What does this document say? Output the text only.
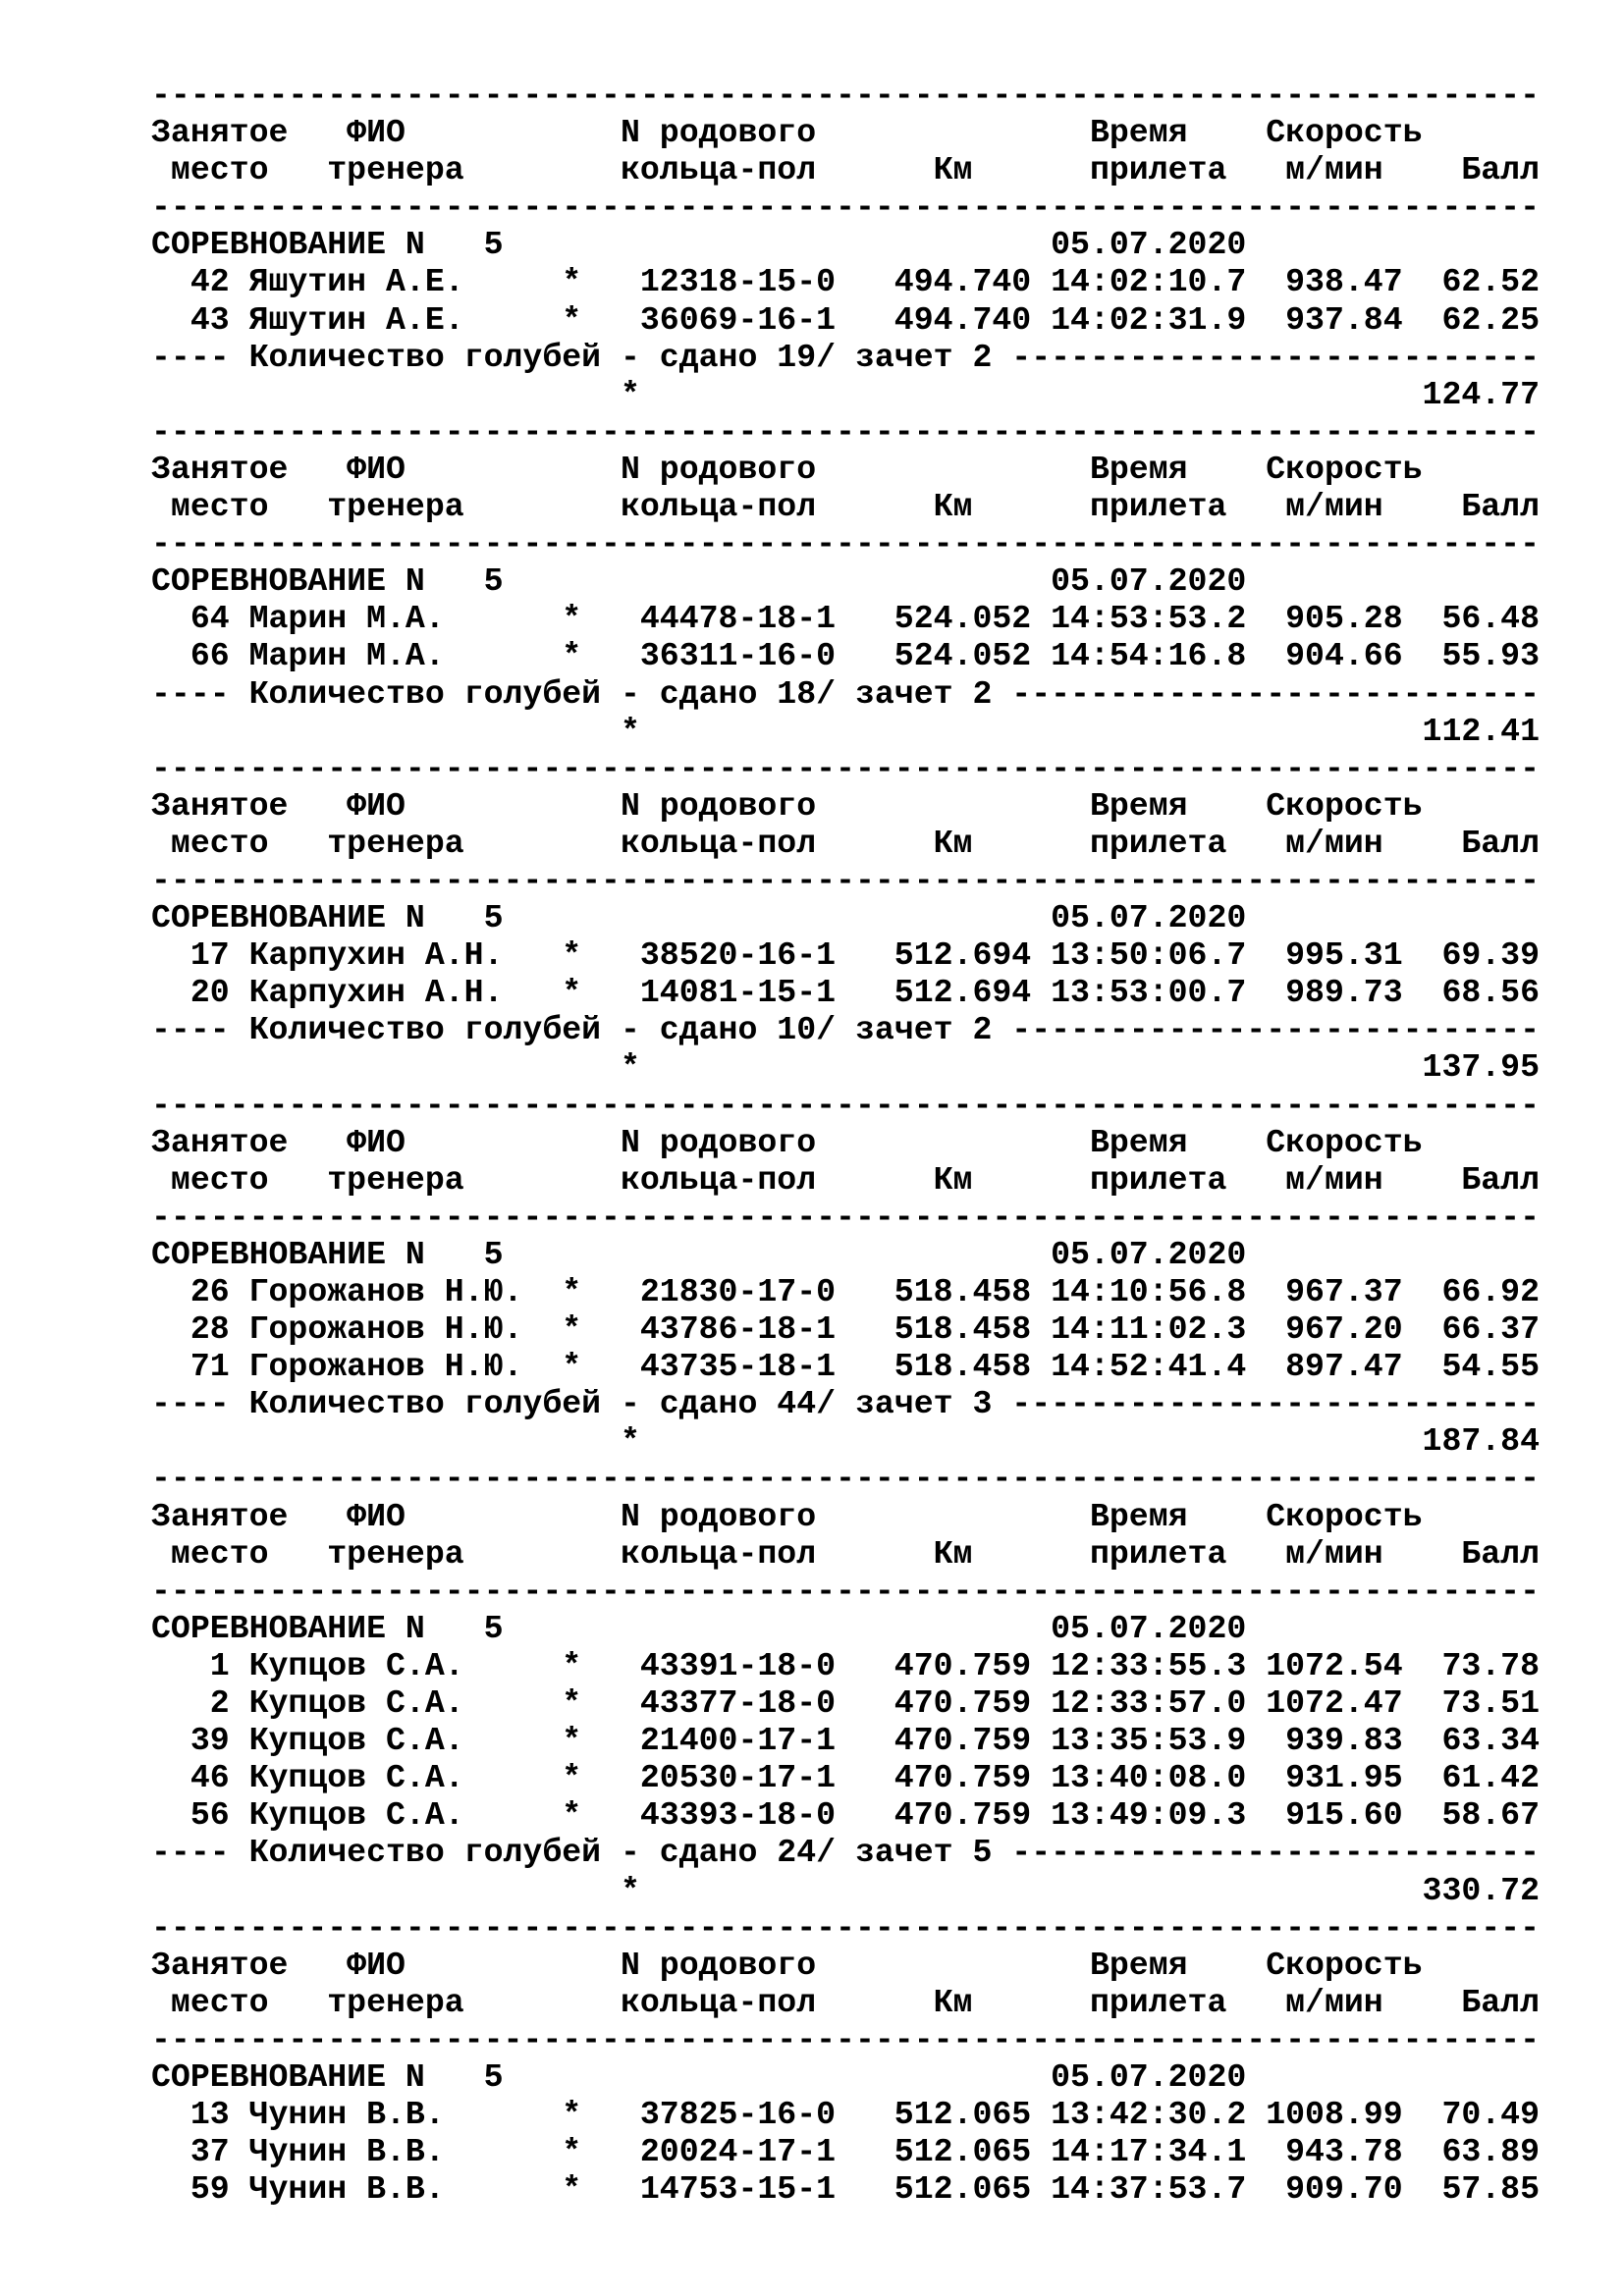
-----------------------------------------------------------------------
Занятое   ФИО           N родового              Время    Скорость
место   тренера        кольца-пол      Км      прилета   м/мин    Балл
-----------------------------------------------------------------------
СОРЕВНОВАНИЕ N   5                            05.07.2020
42 Яшутин А.Е.     *   12318-15-0   494.740 14:02:10.7  938.47  62.52
43 Яшутин А.Е.     *   36069-16-1   494.740 14:02:31.9  937.84  62.25
---- Количество голубей - сдано 19/ зачет 2 ---------------------------
*                                        124.77
-----------------------------------------------------------------------
Занятое   ФИО           N родового              Время    Скорость
место   тренера        кольца-пол      Км      прилета   м/мин    Балл
-----------------------------------------------------------------------
СОРЕВНОВАНИЕ N   5                            05.07.2020
64 Марин М.А.      *   44478-18-1   524.052 14:53:53.2  905.28  56.48
66 Марин М.А.      *   36311-16-0   524.052 14:54:16.8  904.66  55.93
---- Количество голубей - сдано 18/ зачет 2 ---------------------------
*                                        112.41
-----------------------------------------------------------------------
Занятое   ФИО           N родового              Время    Скорость
место   тренера        кольца-пол      Км      прилета   м/мин    Балл
-----------------------------------------------------------------------
СОРЕВНОВАНИЕ N   5                            05.07.2020
17 Карпухин А.Н.   *   38520-16-1   512.694 13:50:06.7  995.31  69.39
20 Карпухин А.Н.   *   14081-15-1   512.694 13:53:00.7  989.73  68.56
---- Количество голубей - сдано 10/ зачет 2 ---------------------------
*                                        137.95
-----------------------------------------------------------------------
Занятое   ФИО           N родового              Время    Скорость
место   тренера        кольца-пол      Км      прилета   м/мин    Балл
-----------------------------------------------------------------------
СОРЕВНОВАНИЕ N   5                            05.07.2020
26 Горожанов Н.Ю.  *   21830-17-0   518.458 14:10:56.8  967.37  66.92
28 Горожанов Н.Ю.  *   43786-18-1   518.458 14:11:02.3  967.20  66.37
71 Горожанов Н.Ю.  *   43735-18-1   518.458 14:52:41.4  897.47  54.55
---- Количество голубей - сдано 44/ зачет 3 ---------------------------
*                                        187.84
-----------------------------------------------------------------------
Занятое   ФИО           N родового              Время    Скорость
место   тренера        кольца-пол      Км      прилета   м/мин    Балл
-----------------------------------------------------------------------
СОРЕВНОВАНИЕ N   5                            05.07.2020
1 Купцов С.А.     *   43391-18-0   470.759 12:33:55.3 1072.54  73.78
2 Купцов С.А.     *   43377-18-0   470.759 12:33:57.0 1072.47  73.51
39 Купцов С.А.     *   21400-17-1   470.759 13:35:53.9  939.83  63.34
46 Купцов С.А.     *   20530-17-1   470.759 13:40:08.0  931.95  61.42
56 Купцов С.А.     *   43393-18-0   470.759 13:49:09.3  915.60  58.67
---- Количество голубей - сдано 24/ зачет 5 ---------------------------
*                                        330.72
-----------------------------------------------------------------------
Занятое   ФИО           N родового              Время    Скорость
место   тренера        кольца-пол      Км      прилета   м/мин    Балл
-----------------------------------------------------------------------
СОРЕВНОВАНИЕ N   5                            05.07.2020
13 Чунин В.В.      *   37825-16-0   512.065 13:42:30.2 1008.99  70.49
37 Чунин В.В.      *   20024-17-1   512.065 14:17:34.1  943.78  63.89
59 Чунин В.В.      *   14753-15-1   512.065 14:37:53.7  909.70  57.85
